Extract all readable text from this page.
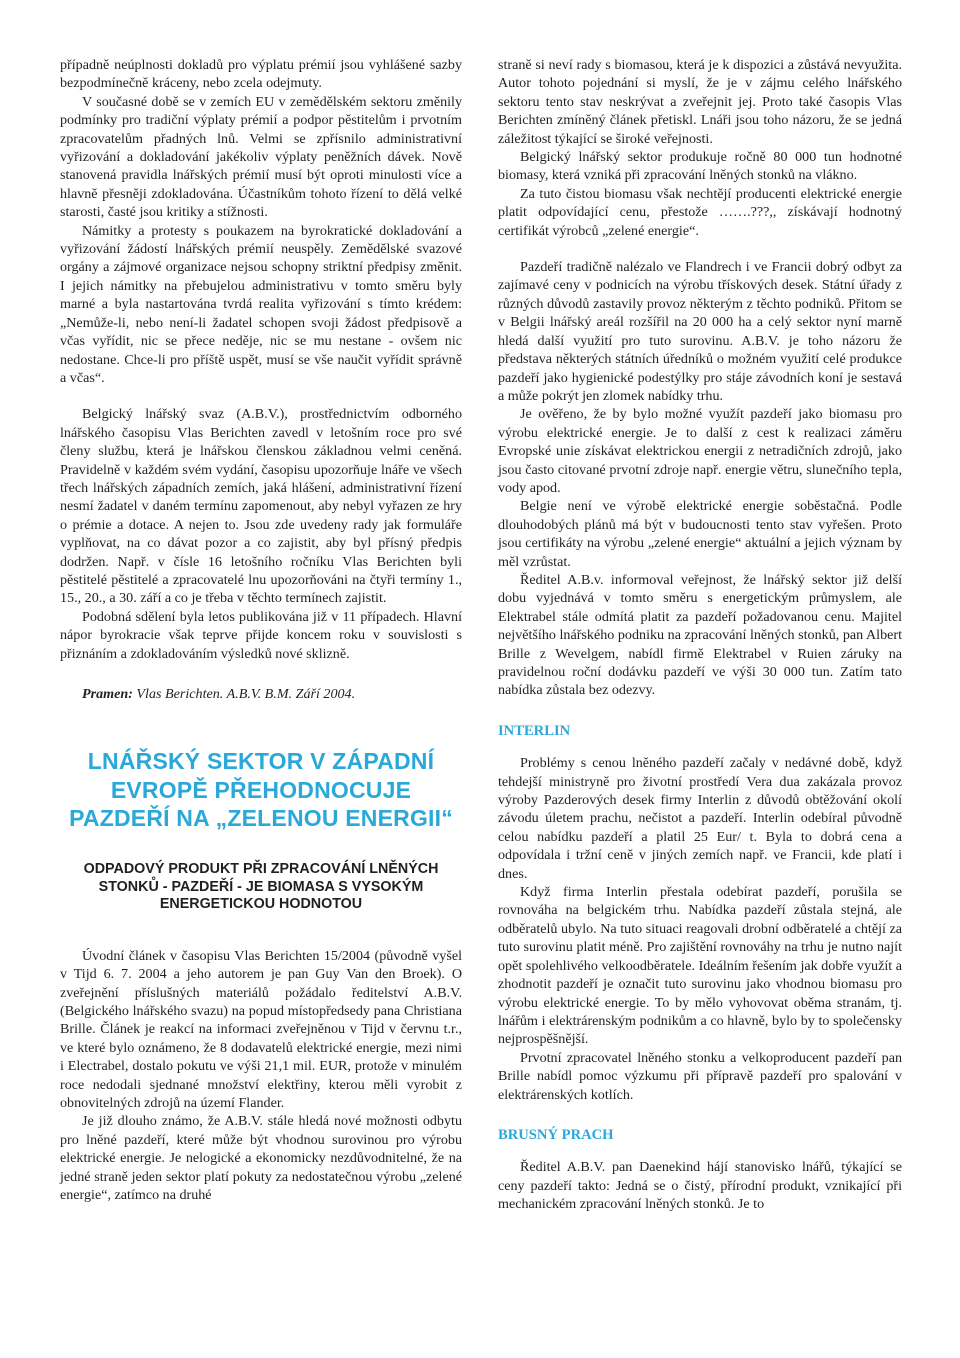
případně neúplnosti dokladů pro výplatu prémií jsou vyhlášené sazby bezpodmínečně kráceny, nebo zcela odejmuty.

V současné době se v zemích EU v zemědělském sektoru změnily podmínky pro tradiční výplaty prémií a podpor pěstitelům i prvotním zpracovatelům přadných lnů. Velmi se zpřísnilo administrativní vyřizování a dokladování jakékoliv výplaty peněžních dávek. Nově stanovená pravidla lnářských prémií musí být oproti minulosti více a hlavně přesněji zdokladována. Účastníkům tohoto řízení to dělá velké starosti, časté jsou kritiky a stížnosti.

Námitky a protesty s poukazem na byrokratické dokladování a vyřizování žádostí lnářských prémií neuspěly. Zemědělské svazové orgány a zájmové organizace nejsou schopny striktní předpisy změnit. I jejich námitky na přebujelou administrativu v tomto směru byly marné a byla nastartována tvrdá realita vyřizování s tímto krédem: „Nemůže-li, nebo není-li žadatel schopen svoji žádost předpisově a včas vyřídit, nic se přece neděje, nic se mu nestane - ovšem nic nedostane. Chce-li pro příště uspět, musí se vše naučit vyřídit správně a včas“.

Belgický lnářský svaz (A.B.V.), prostřednictvím odborného lnářského časopisu Vlas Berichten zavedl v letošním roce pro své členy službu, která je lnářskou členskou základnou velmi ceněná. Pravidelně v každém svém vydání, časopisu upozorňuje lnáře ve všech třech lnářských západních zemích, jaká hlášení, administrativní řízení nesmí žadatel v daném termínu zapomenout, aby nebyl vyřazen ze hry o prémie a dotace. A nejen to. Jsou zde uvedeny rady jak formuláře vyplňovat, na co dávat pozor a co zajistit, aby byl přísný předpis dodržen. Např. v čísle 16 letošního ročníku Vlas Berichten byli pěstitelé pěstitelé a zpracovatelé lnu upozorňováni na čtyři termíny 1., 15., 20., a 30. září a co je třeba v těchto termínech zajistit.

Podobná sdělení byla letos publikována již v 11 případech. Hlavní nápor byrokracie však teprve přijde koncem roku v souvislosti s přiznáním a zdokladováním výsledků nové sklizně.

Pramen: Vlas Berichten. A.B.V. B.M. Září 2004.

LNÁŘSKÝ SEKTOR V ZÁPADNÍ EVROPĚ PŘEHODNOCUJE PAZDEŘÍ NA „ZELENOU ENERGII“
ODPADOVÝ PRODUKT PŘI ZPRACOVÁNÍ LNĚNÝCH STONKŮ - PAZDEŘÍ - JE BIOMASA S VYSOKÝM ENERGETICKOU HODNOTOU

Úvodní článek v časopisu Vlas Berichten 15/2004 (původně vyšel v Tijd 6. 7. 2004 a jeho autorem je pan Guy Van den Broek). O zveřejnění příslušných materiálů požádalo ředitelství A.B.V. (Belgického lnářského svazu) na popud místopředsedy pana Christiana Brille. Článek je reakcí na informaci zveřejněnou v Tijd v červnu t.r., ve které bylo oznámeno, že 8 dodavatelů elektrické energie, mezi nimi i Electrabel, dostalo pokutu ve výši 21,1 mil. EUR, protože v minulém roce nedodali sjednané množství elektřiny, kterou měli vyrobit z obnovitelných zdrojů na území Flander.

Je již dlouho známo, že A.B.V. stále hledá nové možnosti odbytu pro lněné pazdeří, které může být vhodnou surovinou pro výrobu elektrické energie. Je nelogické a ekonomicky nezdůvodnitelné, že na jedné straně jeden sektor platí pokuty za nedostatečnou výrobu „zelené energie“, zatímco na druhé

straně si neví rady s biomasou, která je k dispozici a zůstává nevyužita. Autor tohoto pojednání si myslí, že je v zájmu celého lnářského sektoru tento stav neskrývat a zveřejnit jej. Proto také časopis Vlas Berichten zmíněný článek přetiskl. Lnáři jsou toho názoru, že se jedná záležitost týkající se široké veřejnosti.

Belgický lnářský sektor produkuje ročně 80 000 tun hodnotné biomasy, která vzniká při zpracování lněných stonků na vlákno.

Za tuto čistou biomasu však nechtějí producenti elektrické energie platit odpovídající cenu, přestože …….???,, získávají hodnotný certifikát výrobců „zelené energie“.

Pazdeří tradičně nalézalo ve Flandrech i ve Francii dobrý odbyt za zajímavé ceny v podnicích na výrobu třískových desek. Státní úřady z různých důvodů zastavily provoz některým z těchto podniků. Přitom se v Belgii lnářský areál rozšířil na 20 000 ha a celý sektor nyní marně hledá další využití pro tuto surovinu. A.B.V. je toho názoru že představa některých státních úředníků o možném využití celé produkce pazdeří jako hygienické podestýlky pro stáje závodních koní je sestavá a může pokrýt jen zlomek nabídky trhu.

Je ověřeno, že by bylo možné využít pazdeří jako biomasu pro výrobu elektrické energie. Je to další z cest k realizaci záměru Evropské unie získávat elektrickou energii z netradičních zdrojů, jako jsou často citované prvotní zdroje např. energie větru, slunečního tepla, vody apod.

Belgie není ve výrobě elektrické energie soběstačná. Podle dlouhodobých plánů má být v budoucnosti tento stav vyřešen. Proto jsou certifikáty na výrobu „zelené energie“ aktuální a jejich význam by měl vzrůstat.

Ředitel A.B.v. informoval veřejnost, že lnářský sektor již delší dobu vyjednává v tomto směru s energetickým průmyslem, ale Elektrabel stále odmítá platit za pazdeří požadovanou cenu. Majitel největšího lnářského podniku na zpracování lněných stonků, pan Albert Brille z Wevelgem, nabídl firmě Elektrabel v Ruien záruky na pravidelnou roční dodávku pazdeří ve výši 30 000 tun. Zatím tato nabídka zůstala bez odezvy.

INTERLIN

Problémy s cenou lněného pazdeří začaly v nedávné době, když tehdejší ministryně pro životní prostředí Vera dua zakázala provoz výroby Pazderových desek firmy Interlin z důvodů obtěžování okolí závodu úletem prachu, nečistot a pazdeří. Interlin odebíral původně celou nabídku pazdeří a platil 25 Eur/ t. Byla to dobrá cena a odpovídala i tržní ceně v jiných zemích např. ve Francii, kde platí i dnes.

Když firma Interlin přestala odebírat pazdeří, porušila se rovnováha na belgickém trhu. Nabídka pazdeří zůstala stejná, ale odběratelů ubylo. Na tuto situaci reagovali drobní odběratelé a chtějí za tuto surovinu platit méně. Pro zajištění rovnováhy na trhu je nutno najít opět spolehlivého velkoodběratele. Ideálním řešením jak dobře využít a zhodnotit pazdeří je označit tuto surovinu jako vhodnou biomasu pro výrobu elektrické energie. To by mělo vyhovovat oběma stranám, tj. lnářům i elektrárenským podnikům a co hlavně, bylo by to společensky nejprospěšnější.

Prvotní zpracovatel lněného stonku a velkoproducent pazdeří pan Brille nabídl pomoc výzkumu při přípravě pazdeří pro spalování v elektrárenských kotlích.

BRUSNÝ PRACH

Ředitel A.B.V. pan Daenekind hájí stanovisko lnářů, týkající se ceny pazdeří takto: Jedná se o čistý, přírodní produkt, vznikající při mechanickém zpracování lněných stonků. Je to
